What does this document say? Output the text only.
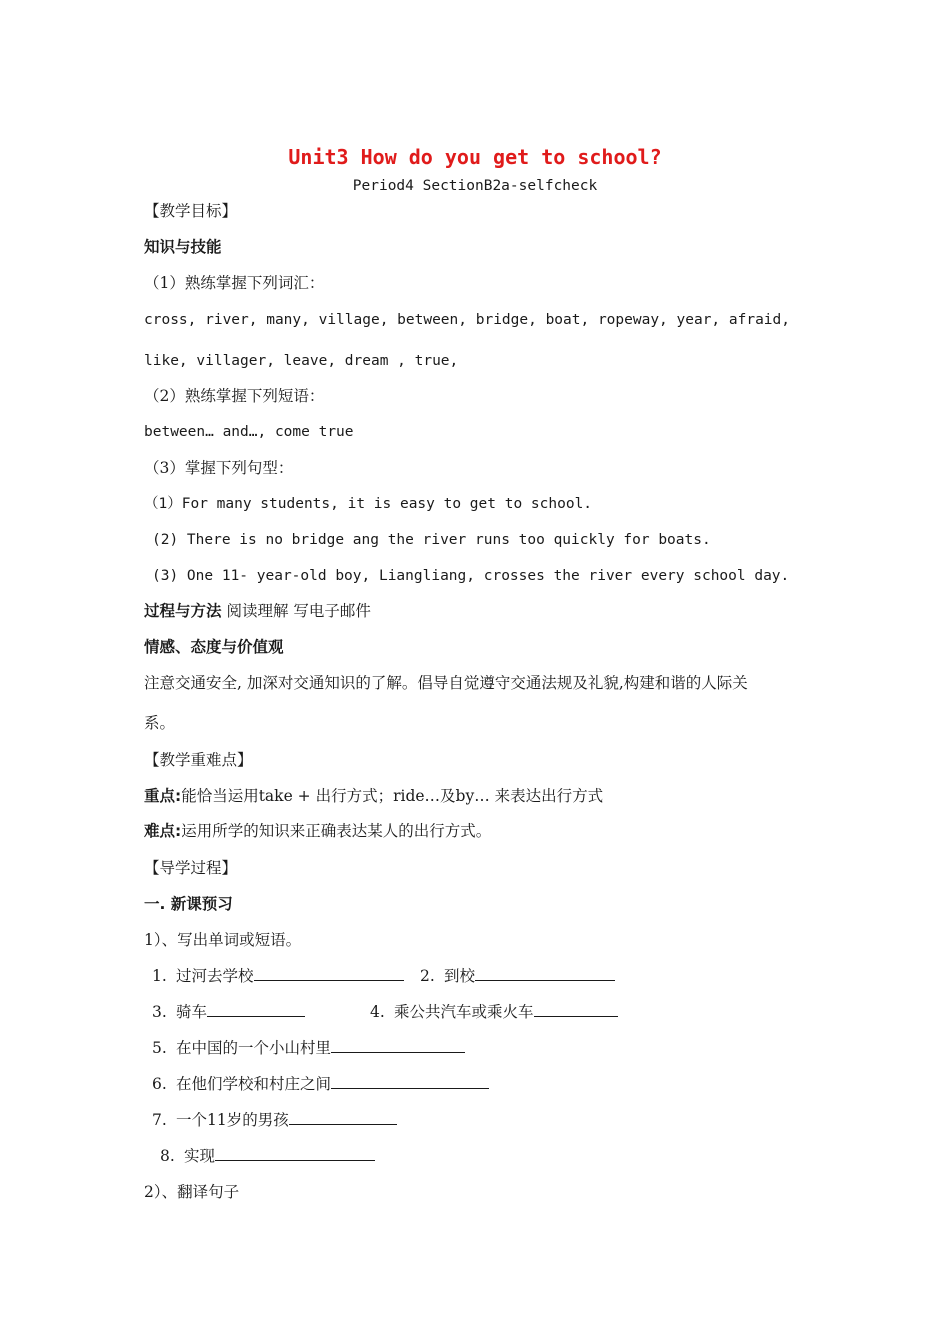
Unit3 How do you get to school?
Period4 SectionB2a-selfcheck
【教学目标】
知识与技能
（1）熟练掌握下列词汇：
cross, river, many, village, between, bridge, boat, ropeway, year, afraid,
like, villager, leave, dream , true,
（2）熟练掌握下列短语：
between… and…, come true
（3）掌握下列句型：
（1）For many students, it is easy to get to school.
(2) There is no bridge ang the river runs too quickly for boats.
(3) One 11- year-old boy, Liangliang, crosses the river every school day.
过程与方法 阅读理解 写电子邮件
情感、态度与价值观
注意交通安全, 加深对交通知识的了解。倡导自觉遵守交通法规及礼貌,构建和谐的人际关
系。
【教学重难点】
重点:能恰当运用take + 出行方式；ride…及by… 来表达出行方式
难点:运用所学的知识来正确表达某人的出行方式。
【导学过程】
一. 新课预习
1）、写出单词或短语。
1. 过河去学校	2. 到校
3. 骑车	4. 乘公共汽车或乘火车
5. 在中国的一个小山村里
6. 在他们学校和村庄之间
7. 一个11岁的男孩
8. 实现
2）、翻译句子
